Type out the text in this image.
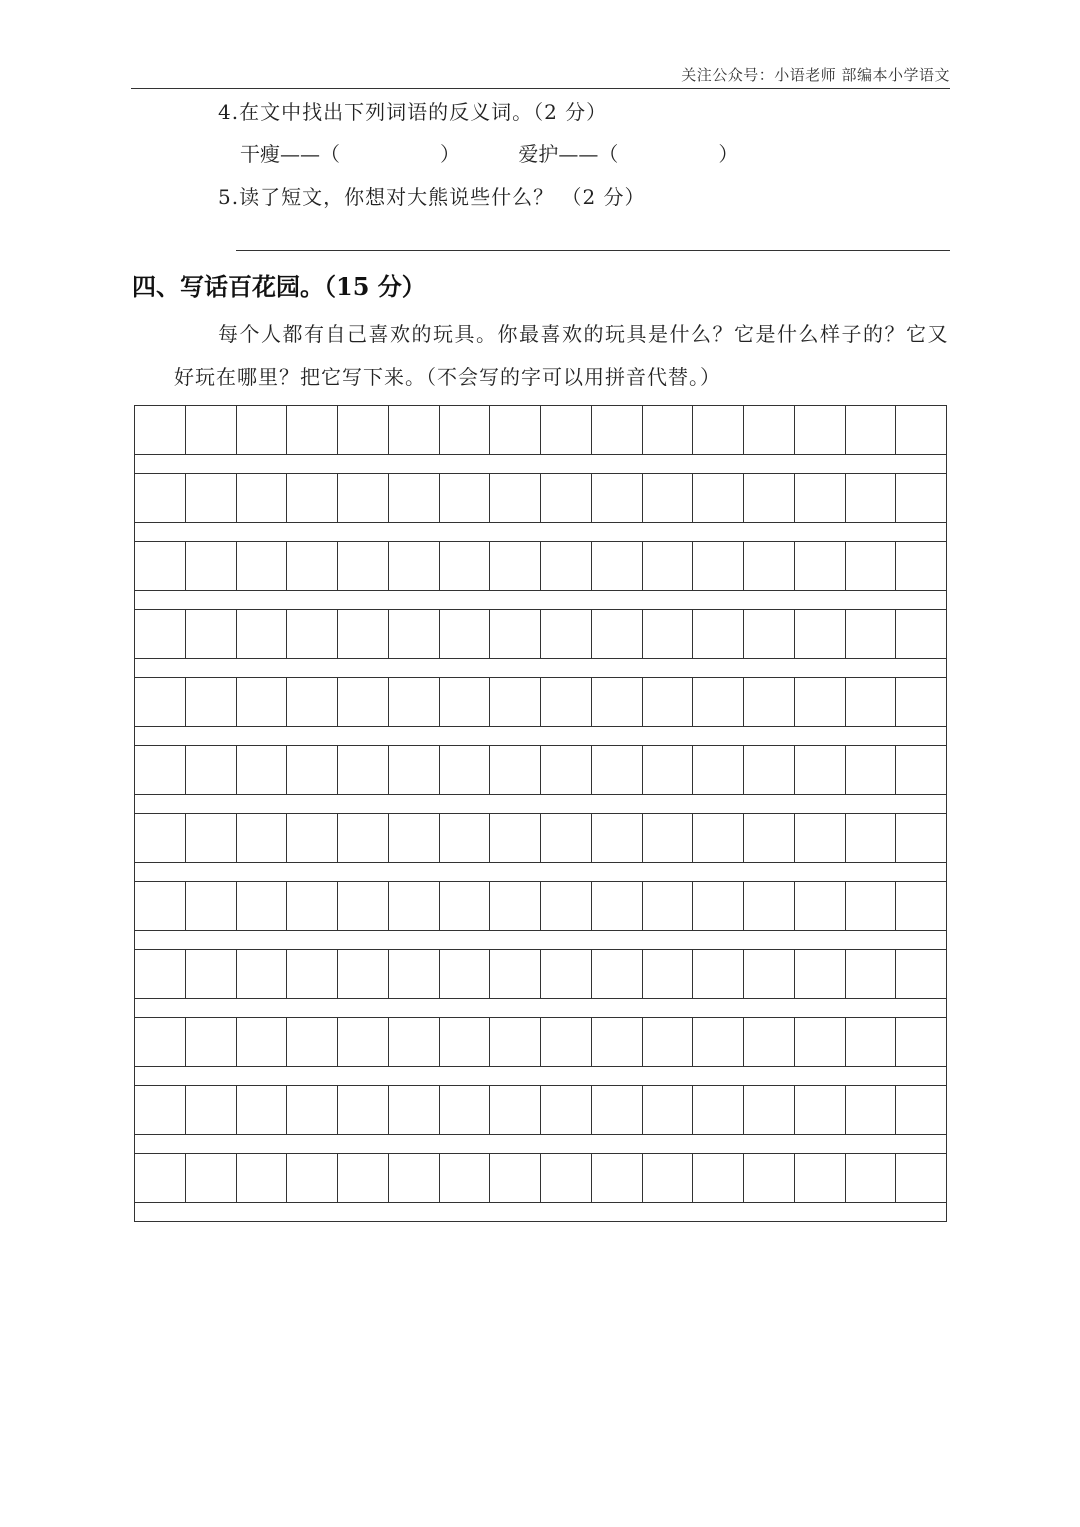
关注公众号：小语老师 部编本小学语文
4.在文中找出下列词语的反义词。（2 分）
干瘦——（	）	爱护——（	）
5.读了短文，你想对大熊说些什么？ （2 分）
四、写话百花园。（15 分）
每个人都有自己喜欢的玩具。你最喜欢的玩具是什么？它是什么样子的？它又
好玩在哪里？把它写下来。（不会写的字可以用拼音代替。）
